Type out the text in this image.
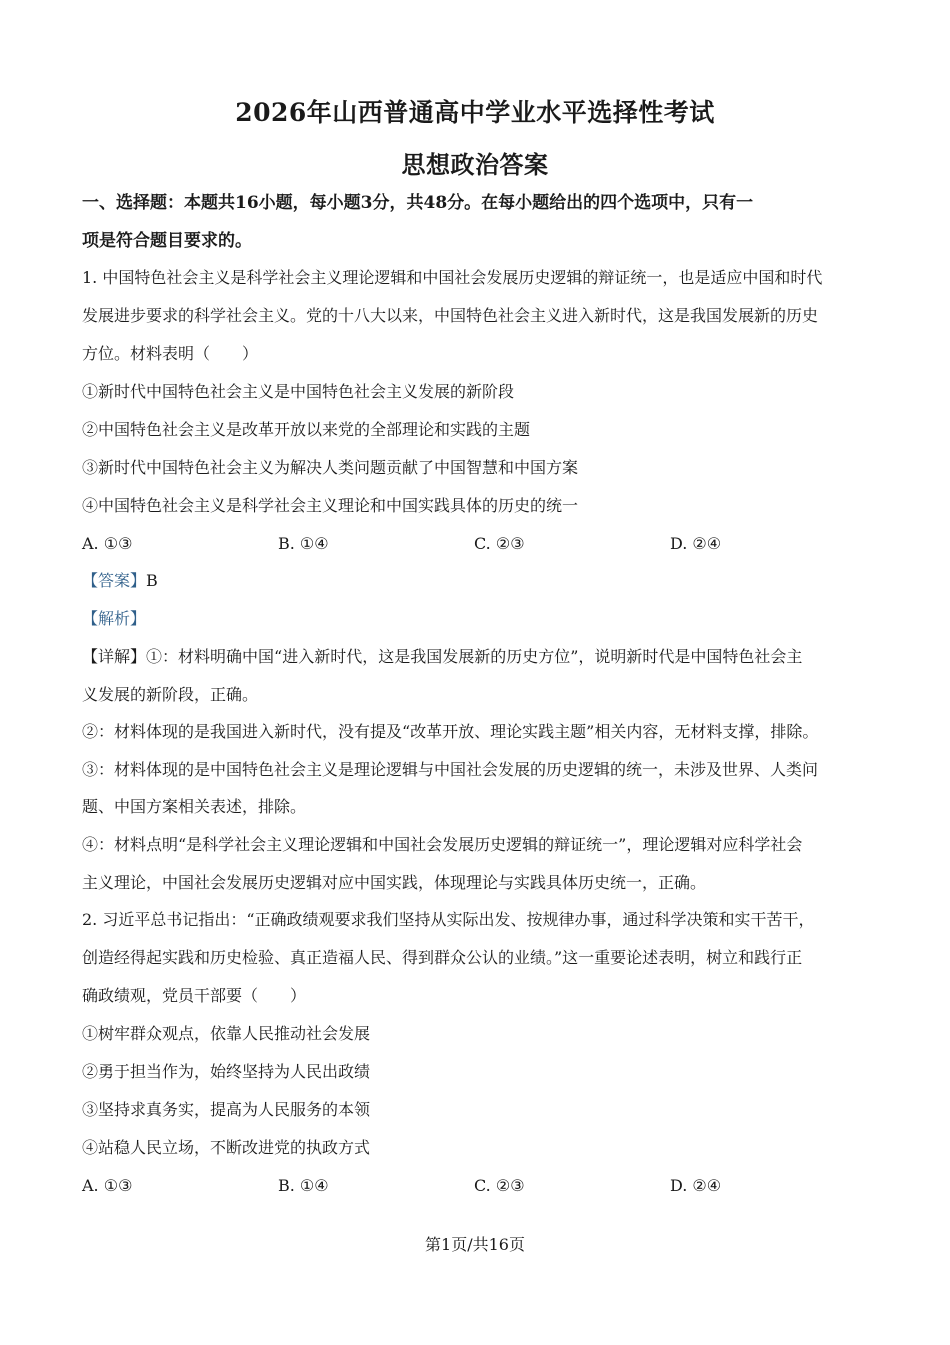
2026年山西普通高中学业水平选择性考试
思想政治答案
一、选择题：本题共16小题，每小题3分，共48分。在每小题给出的四个选项中，只有一
项是符合题目要求的。
1. 中国特色社会主义是科学社会主义理论逻辑和中国社会发展历史逻辑的辩证统一，也是适应中国和时代
发展进步要求的科学社会主义。党的十八大以来，中国特色社会主义进入新时代，这是我国发展新的历史
方位。材料表明（　　）
①新时代中国特色社会主义是中国特色社会主义发展的新阶段
②中国特色社会主义是改革开放以来党的全部理论和实践的主题
③新时代中国特色社会主义为解决人类问题贡献了中国智慧和中国方案
④中国特色社会主义是科学社会主义理论和中国实践具体的历史的统一
A. ①③	B. ①④	C. ②③	D. ②④
【答案】B
【解析】
【详解】①：材料明确中国“进入新时代，这是我国发展新的历史方位”，说明新时代是中国特色社会主
义发展的新阶段，正确。
②：材料体现的是我国进入新时代，没有提及“改革开放、理论实践主题”相关内容，无材料支撑，排除。
③：材料体现的是中国特色社会主义是理论逻辑与中国社会发展的历史逻辑的统一，未涉及世界、人类问
题、中国方案相关表述，排除。
④：材料点明“是科学社会主义理论逻辑和中国社会发展历史逻辑的辩证统一”，理论逻辑对应科学社会
主义理论，中国社会发展历史逻辑对应中国实践，体现理论与实践具体历史统一，正确。
2. 习近平总书记指出：“正确政绩观要求我们坚持从实际出发、按规律办事，通过科学决策和实干苦干，
创造经得起实践和历史检验、真正造福人民、得到群众公认的业绩。”这一重要论述表明，树立和践行正
确政绩观，党员干部要（　　）
①树牢群众观点，依靠人民推动社会发展
②勇于担当作为，始终坚持为人民出政绩
③坚持求真务实，提高为人民服务的本领
④站稳人民立场，不断改进党的执政方式
A. ①③	B. ①④	C. ②③	D. ②④
第1页/共16页
